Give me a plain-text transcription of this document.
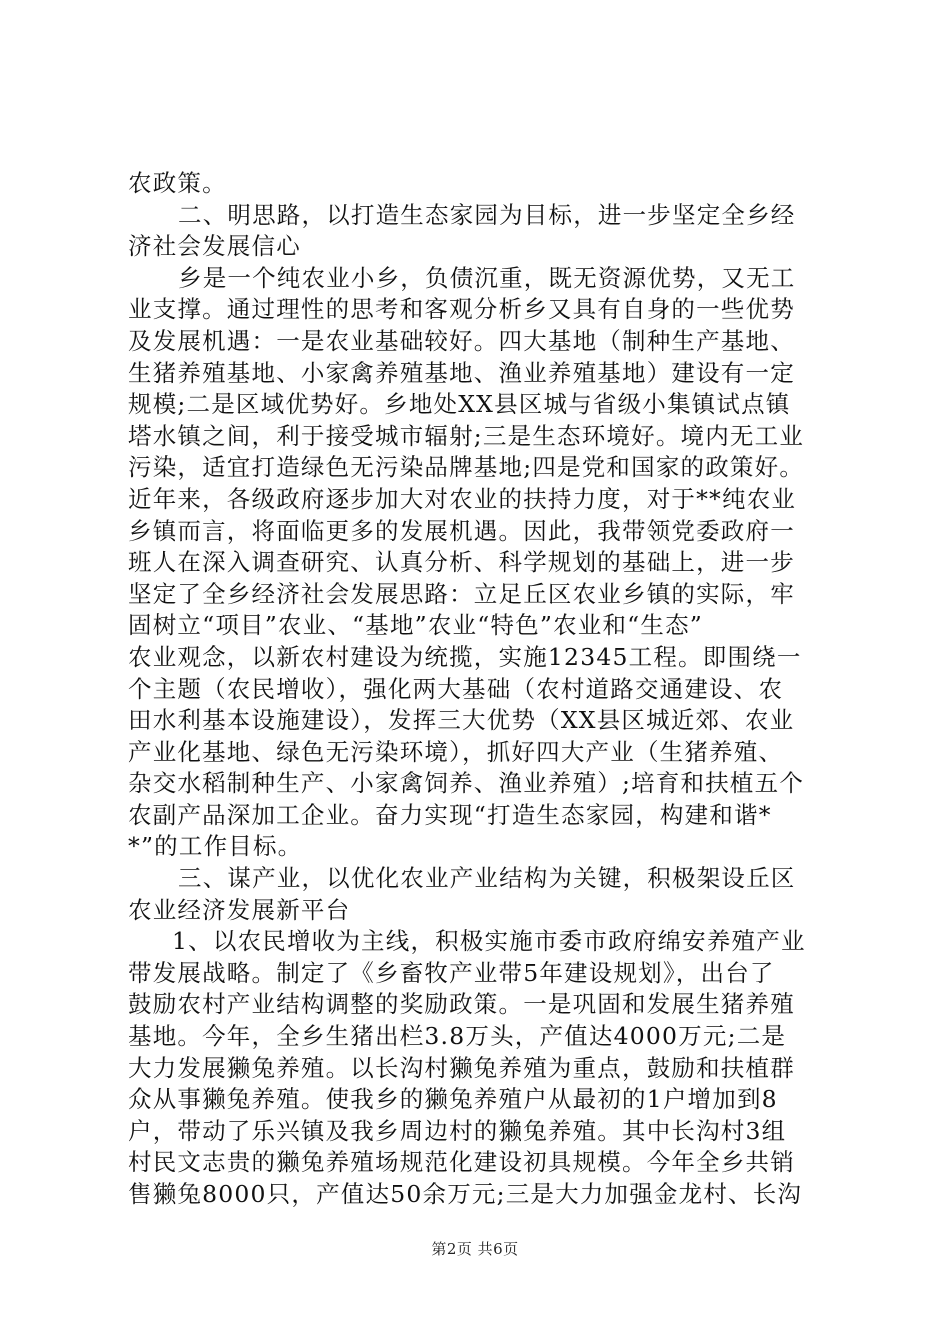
农政策。
二、明思路，以打造生态家园为目标，进一步坚定全乡经
济社会发展信心
乡是一个纯农业小乡，负债沉重，既无资源优势，又无工
业支撑。通过理性的思考和客观分析乡又具有自身的一些优势
及发展机遇：一是农业基础较好。四大基地（制种生产基地、
生猪养殖基地、小家禽养殖基地、渔业养殖基地）建设有一定
规模;二是区域优势好。乡地处XX县区城与省级小集镇试点镇
塔水镇之间，利于接受城市辐射;三是生态环境好。境内无工业
污染，适宜打造绿色无污染品牌基地;四是党和国家的政策好。
近年来，各级政府逐步加大对农业的扶持力度，对于**纯农业
乡镇而言，将面临更多的发展机遇。因此，我带领党委政府一
班人在深入调查研究、认真分析、科学规划的基础上，进一步
坚定了全乡经济社会发展思路：立足丘区农业乡镇的实际，牢
固树立“项目”农业、“基地”农业“特色”农业和“生态”
农业观念，以新农村建设为统揽，实施12345工程。即围绕一
个主题（农民增收），强化两大基础（农村道路交通建设、农
田水利基本设施建设），发挥三大优势（XX县区城近郊、农业
产业化基地、绿色无污染环境），抓好四大产业（生猪养殖、
杂交水稻制种生产、小家禽饲养、渔业养殖）;培育和扶植五个
农副产品深加工企业。奋力实现“打造生态家园，构建和谐*
*”的工作目标。
三、谋产业，以优化农业产业结构为关键，积极架设丘区
农业经济发展新平台
1、以农民增收为主线，积极实施市委市政府绵安养殖产业
带发展战略。制定了《乡畜牧产业带5年建设规划》，出台了
鼓励农村产业结构调整的奖励政策。一是巩固和发展生猪养殖
基地。今年，全乡生猪出栏3.8万头，产值达4000万元;二是
大力发展獭兔养殖。以长沟村獭兔养殖为重点，鼓励和扶植群
众从事獭兔养殖。使我乡的獭兔养殖户从最初的1户增加到8
户，带动了乐兴镇及我乡周边村的獭兔养殖。其中长沟村3组
村民文志贵的獭兔养殖场规范化建设初具规模。今年全乡共销
售獭兔8000只，产值达50余万元;三是大力加强金龙村、长沟
第2页 共6页
